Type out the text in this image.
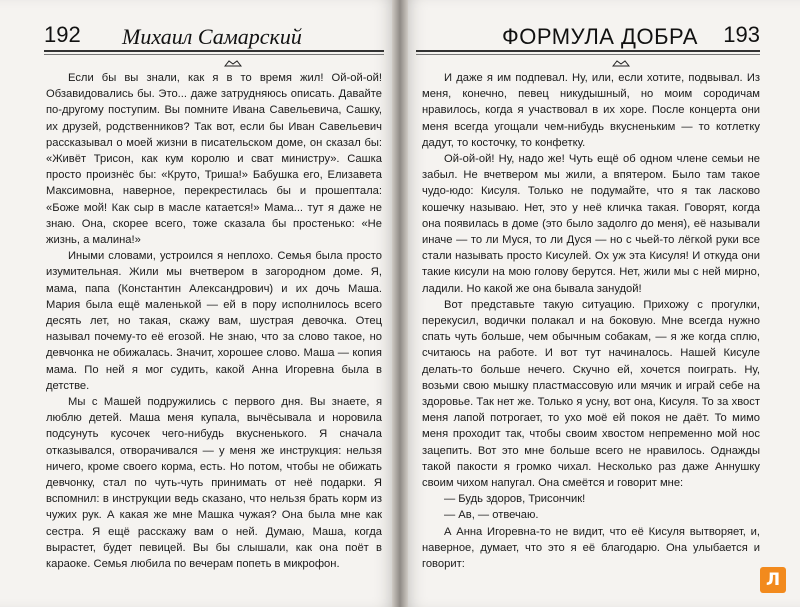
192 Михаил Самарский

Если бы вы знали, как я в то время жил! Ой-ой-ой! Обзавидовались бы. Это... даже затрудняюсь описать. Давайте по-другому поступим. Вы помните Ивана Савельевича, Сашку, их друзей, родственников? Так вот, если бы Иван Савельевич рассказывал о моей жизни в писательском доме, он сказал бы: «Живёт Трисон, как кум королю и сват министру». Сашка просто произнёс бы: «Круто, Триша!» Бабушка его, Елизавета Максимовна, наверное, перекрестилась бы и прошептала: «Боже мой! Как сыр в масле катается!» Мама... тут я даже не знаю. Она, скорее всего, тоже сказала бы простенько: «Не жизнь, а малина!»

Иными словами, устроился я неплохо. Семья была просто изумительная. Жили мы вчетвером в загородном доме. Я, мама, папа (Константин Александрович) и их дочь Маша. Мария была ещё маленькой — ей в пору исполнилось всего десять лет, но такая, скажу вам, шустрая девочка. Отец называл почему-то её егозой. Не знаю, что за слово такое, но девчонка не обижалась. Значит, хорошее слово. Маша — копия мама. По ней я мог судить, какой Анна Игоревна была в детстве.

Мы с Машей подружились с первого дня. Вы знаете, я люблю детей. Маша меня купала, вычёсывала и норовила подсунуть кусочек чего-нибудь вкусненького. Я сначала отказывался, отворачивался — у меня же инструкция: нельзя ничего, кроме своего корма, есть. Но потом, чтобы не обижать девчонку, стал по чуть-чуть принимать от неё подарки. Я вспомнил: в инструкции ведь сказано, что нельзя брать корм из чужих рук. А какая же мне Машка чужая? Она была мне как сестра. Я ещё расскажу вам о ней. Думаю, Маша, когда вырастет, будет певицей. Вы бы слышали, как она поёт в караоке. Семья любила по вечерам попеть в микрофон.

ФОРМУЛА ДОБРА 193

И даже я им подпевал. Ну, или, если хотите, подвывал. Из меня, конечно, певец никудышный, но моим сородичам нравилось, когда я участвовал в их хоре. После концерта они меня всегда угощали чем-нибудь вкусненьким — то котлетку дадут, то косточку, то конфетку.

Ой-ой-ой! Ну, надо же! Чуть ещё об одном члене семьи не забыл. Не вчетвером мы жили, а впятером. Было там такое чудо-юдо: Кисуля. Только не подумайте, что я так ласково кошечку называю. Нет, это у неё кличка такая. Говорят, когда она появилась в доме (это было задолго до меня), её называли иначе — то ли Муся, то ли Дуся — но с чьей-то лёгкой руки все стали называть просто Кисулей. Ох уж эта Кисуля! И откуда они такие кисули на мою голову берутся. Нет, жили мы с ней мирно, ладили. Но какой же она бывала занудой!

Вот представьте такую ситуацию. Прихожу с прогулки, перекусил, водички полакал и на боковую. Мне всегда нужно спать чуть больше, чем обычным собакам, — я же когда сплю, считаюсь на работе. И вот тут начиналось. Нашей Кисуле делать-то больше нечего. Скучно ей, хочется поиграть. Ну, возьми свою мышку пластмассовую или мячик и играй себе на здоровье. Так нет же. Только я усну, вот она, Кисуля. То за хвост меня лапой потрогает, то ухо моё ей покоя не даёт. То мимо меня проходит так, чтобы своим хвостом непременно мой нос зацепить. Вот это мне больше всего не нравилось. Однажды такой пакости я громко чихал. Несколько раз даже Аннушку своим чихом напугал. Она смеётся и говорит мне:

— Будь здоров, Трисончик!

— Ав, — отвечаю.

А Анна Игоревна-то не видит, что её Кисуля вытворяет, и, наверное, думает, что это я её благодарю. Она улыбается и говорит:

Л
